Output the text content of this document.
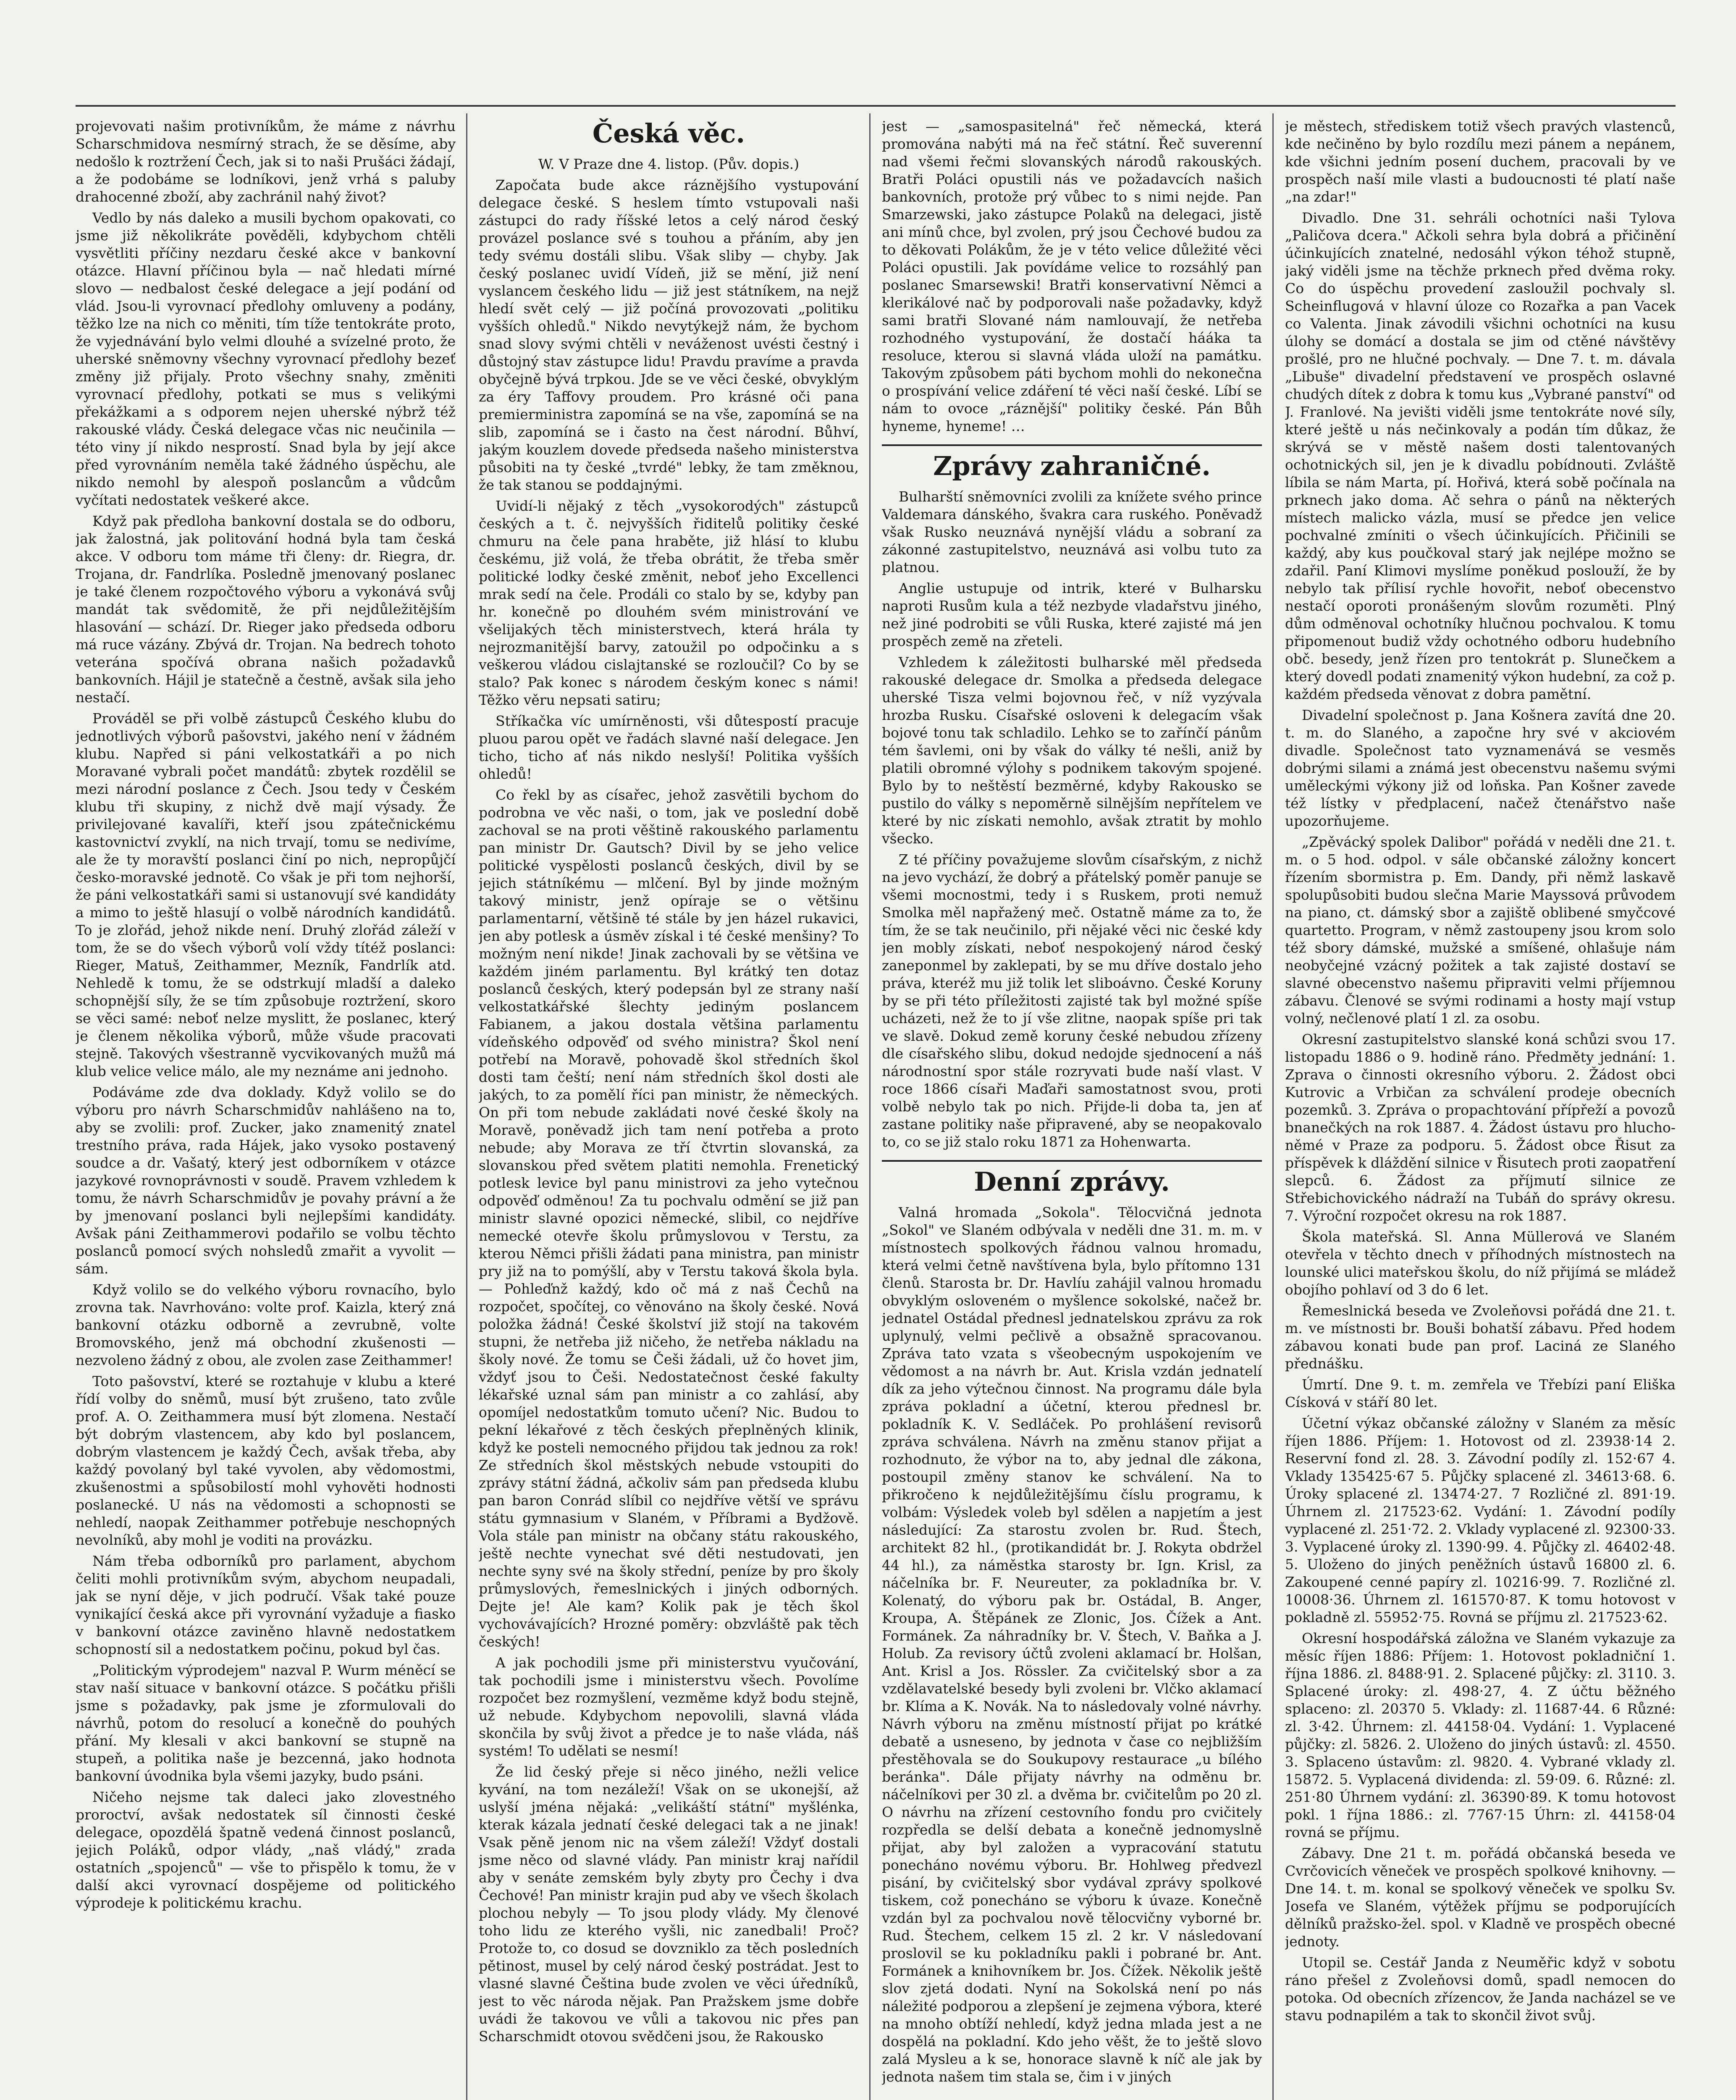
projevovati našim protivníkům, že máme z návrhu Scharschmidova nesmírný strach, že se děsíme, aby nedošlo k roztržení Čech, jak si to naši Prušáci žádají, a že podobáme se lodníkovi, jenž vrhá s paluby drahocenné zboží, aby zachránil nahý život?

Vedlo by nás daleko a musili bychom opakovati, co jsme již několikráte pověděli, kdybychom chtěli vysvětliti příčiny nezdaru české akce v bankovní otázce. Hlavní příčinou byla — nač hledati mírné slovo — nedbalost české delegace a její podání od vlád. Jsou-li vyrovnací předlohy omluveny a podány, těžko lze na nich co měniti, tím tíže tentokráte proto, že vyjednávání bylo velmi dlouhé a svízelné proto, že uherské sněmovny všechny vyrovnací předlohy bezeť změny již přijaly. Proto všechny snahy, změniti vyrovnací předlohy, potkati se mus s velikými překážkami a s odporem nejen uherské nýbrž též rakouské vlády. Česká delegace včas nic neučinila — této viny jí nikdo nesprostí. Snad byla by její akce před vyrovnáním neměla také žádného úspěchu, ale nikdo nemohl by alespoň poslancům a vůdcům vyčítati nedostatek veškeré akce.

Když pak předloha bankovní dostala se do odboru, jak žalostná, jak politování hodná byla tam česká akce. V odboru tom máme tři členy: dr. Riegra, dr. Trojana, dr. Fandrlíka. Posledně jmenovaný poslanec je také členem rozpočtového výboru a vykonává svůj mandát tak svědomitě, že při nejdůležitějším hlasování — schází. Dr. Rieger jako předseda odboru má ruce vázány. Zbývá dr. Trojan. Na bedrech tohoto veterána spočívá obrana našich požadavků bankovních. Hájil je statečně a čestně, avšak sila jeho nestačí.

Prováděl se při volbě zástupců Českého klubu do jednotlivých výborů pašovstvi, jakého není v žádném klubu. Napřed si páni velkostatkáři a po nich Moravané vybrali počet mandátů: zbytek rozdělil se mezi národní poslance z Čech. Jsou tedy v Českém klubu tři skupiny, z nichž dvě mají výsady. Že privilejované kavalíři, kteří jsou zpátečnickému kastovnictví zvyklí, na nich trvají, tomu se nedivíme, ale že ty moravští poslanci činí po nich, nepropůjčí česko-moravské jednotě. Co však je při tom nejhorší, že páni velkostatkáři sami si ustanovují své kandidáty a mimo to ještě hlasují o volbě národních kandidátů. To je zlořád, jehož nikde není. Druhý zlořád záleží v tom, že se do všech výborů volí vždy títéž poslanci: Rieger, Matuš, Zeithammer, Mezník, Fandrlík atd. Nehledě k tomu, že se odstrkují mladší a daleko schopnější síly, že se tím způsobuje roztržení, skoro se věci samé: neboť nelze myslitt, že poslanec, který je členem několika výborů, může všude pracovati stejně. Takových všestranně vycvikovaných mužů má klub velice velice málo, ale my neznáme ani jednoho.

Podáváme zde dva doklady. Když volilo se do výboru pro návrh Scharschmidův nahlášeno na to, aby se zvolili: prof. Zucker, jako znamenitý znatel trestního práva, rada Hájek, jako vysoko postavený soudce a dr. Vašatý, který jest odborníkem v otázce jazykové rovnoprávnosti v soudě. Pravem vzhledem k tomu, že návrh Scharschmidův je povahy právní a že by jmenovaní poslanci byli nejlepšími kandidáty. Avšak páni Zeithammerovi podařilo se volbu těchto poslanců pomocí svých nohsledů zmařit a vyvolit — sám.

Když volilo se do velkého výboru rovnacího, bylo zrovna tak. Navrhováno: volte prof. Kaizla, který zná bankovní otázku odborně a zevrubně, volte Bromovského, jenž má obchodní zkušenosti — nezvoleno žádný z obou, ale zvolen zase Zeithammer!

Toto pašovství, které se roztahuje v klubu a které řídí volby do sněmů, musí být zrušeno, tato zvůle prof. A. O. Zeithammera musí být zlomena. Nestačí být dobrým vlastencem, aby kdo byl poslancem, dobrým vlastencem je každý Čech, avšak třeba, aby každý povolaný byl také vyvolen, aby vědomostmi, zkušenostmi a spůsobilostí mohl vyhověti hodnosti poslanecké. U nás na vědomosti a schopnosti se nehledí, naopak Zeithammer potřebuje neschopných nevolníků, aby mohl je voditi na provázku.

Nám třeba odborníků pro parlament, abychom čeliti mohli protivníkům svým, abychom neupadali, jak se nyní děje, v jich područí. Však také pouze vynikající česká akce při vyrovnání vyžaduje a fiasko v bankovní otázce zaviněno hlavně nedostatkem schopností sil a nedostatkem počinu, pokud byl čas.

„Politickým výprodejem" nazval P. Wurm méněcí se stav naší situace v bankovní otázce. S počátku přišli jsme s požadavky, pak jsme je zformulovali do návrhů, potom do resolucí a konečně do pouhých přání. My klesali v akci bankovní se stupně na stupeň, a politika naše je bezcenná, jako hodnota bankovní úvodnika byla všemi jazyky, budo psáni.

Ničeho nejsme tak daleci jako zlovestného proroctví, avšak nedostatek síl činnosti české delegace, opozdělá špatně vedená činnost poslanců, jejich Poláků, odpor vlády, „naš vládý," zrada ostatních „spojenců" — vše to přispělo k tomu, že v další akci vyrovnací dospějeme od politického výprodeje k politickému krachu.

Česká věc.

W. V Praze dne 4. listop. (Pův. dopis.)

Započata bude akce ráznějšího vystupování delegace české. S heslem tímto vstupovali naši zástupci do rady říšské letos a celý národ český provázel poslance své s touhou a přáním, aby jen tedy svému dostáli slibu. Však sliby — chyby. Jak český poslanec uvidí Vídeň, již se mění, již není vyslancem českého lidu — již jest státníkem, na nejž hledí svět celý — již počíná provozovati „politiku vyšších ohledů." Nikdo nevytýkejž nám, že bychom snad slovy svými chtěli v neváženost uvésti čestný i důstojný stav zástupce lidu! Pravdu pravíme a pravda obyčejně bývá trpkou. Jde se ve věci české, obvyklým za éry Taffovy proudem. Pro krásné oči pana premierministra zapomíná se na vše, zapomíná se na slib, zapomíná se i často na čest národní. Bůhví, jakým kouzlem dovede předseda našeho ministerstva působiti na ty české „tvrdé" lebky, že tam změknou, že tak stanou se poddajnými.

Uvidí-li nějaký z těch „vysokorodých" zástupců českých a t. č. nejvyšších řiditelů politiky české chmuru na čele pana hraběte, již hlásí to klubu českému, již volá, že třeba obrátit, že třeba směr politické lodky české změnit, neboť jeho Excellenci mrak sedí na čele. Prodáli co stalo by se, kdyby pan hr. konečně po dlouhém svém ministrování ve všelijakých těch ministerstvech, která hrála ty nejrozmanitější barvy, zatoužil po odpočinku a s veškerou vládou cislajtanské se rozloučil? Co by se stalo? Pak konec s národem českým konec s námi! Těžko věru nepsati satiru;

Stříkačka víc umírněnosti, vši důtespostí pracuje pluou parou opět ve řadách slavné naší delegace. Jen ticho, ticho ať nás nikdo neslyší! Politika vyšších ohledů!

Co řekl by as císařec, jehož zasvětili bychom do podrobna ve věc naši, o tom, jak ve poslední době zachoval se na proti věštině rakouského parlamentu pan ministr Dr. Gautsch? Divil by se jeho velice politické vyspělosti poslanců českých, divil by se jejich státníkému — mlčení. Byl by jinde možným takový ministr, jenž opíraje se o většinu parlamentarní, většině té stále by jen házel rukavici, jen aby potlesk a úsměv získal i té české menšiny? To možným není nikde! Jinak zachovali by se většina ve každém jiném parlamentu. Byl krátký ten dotaz poslanců českých, který podepsán byl ze strany naší velkostatkářské šlechty jediným poslancem Fabianem, a jakou dostala většina parlamentu vídeňského odpověď od svého ministra? Škol není potřebí na Moravě, pohovadě škol středních škol dosti tam čeští; není nám středních škol dosti ale jakých, to za pomělí říci pan ministr, že německých. On při tom nebude zakládati nové české školy na Moravě, poněvadž jich tam není potřeba a proto nebude; aby Morava ze tří čtvrtin slovanská, za slovanskou před světem platiti nemohla. Frenetický potlesk levice byl panu ministrovi za jeho vytečnou odpověď odměnou! Za tu pochvalu odmění se již pan ministr slavné opozici německé, slibil, co nejdříve nemecké otevře školu průmyslovou v Terstu, za kterou Němci přišli žádati pana ministra, pan ministr pry již na to pomýšlí, aby v Terstu taková škola byla. — Pohleďnž každý, kdo oč má z naš Čechů na rozpočet, spočítej, co věnováno na školy české. Nová položka žádná! České školství již stojí na takovém stupni, že netřeba již ničeho, že netřeba nákladu na školy nové. Že tomu se Češi žádali, už čo hovet jim, vždyť jsou to Češi. Nedostatečnost české fakulty lékařské uznal sám pan ministr a co zahlásí, aby opomíjel nedostatkům tomuto učení? Nic. Budou to pekní lékařové z těch českých přeplněných klinik, když ke posteli nemocného přijdou tak jednou za rok! Ze středních škol městských nebude vstoupiti do zprávy státní žádná, ačkoliv sám pan předseda klubu pan baron Conrád slíbil co nejdříve větší ve správu státu gymnasium v Slaném, v Příbrami a Bydžově. Vola stále pan ministr na občany státu rakouského, ještě nechte vynechat své děti nestudovati, jen nechte syny své na školy střední, peníze by pro školy průmyslových, řemeslnických i jiných odborných. Dejte je! Ale kam? Kolik pak je těch škol vychovávajících? Hrozné poměry: obzvláště pak těch českých!

A jak pochodili jsme při ministerstvu vyučování, tak pochodili jsme i ministerstvu všech. Povolíme rozpočet bez rozmyšlení, vezměme když bodu stejně, už nebude. Kdybychom nepovolili, slavná vláda skončila by svůj život a předce je to naše vláda, náš systém! To udělati se nesmí!

Že lid český přeje si něco jiného, nežli velice kyvání, na tom nezáleží! Však on se ukonejší, až uslyší jména nějaká: „velikáští státní" myšlénka, kterak kázala jednatí české delegaci tak a ne jinak! Vsak pěně jenom nic na všem záleží! Vždyť dostali jsme něco od slavné vlády. Pan ministr kraj nařídil aby v senáte zemském byly zbyty pro Čechy i dva Čechové! Pan ministr krajin pud aby ve všech školach plochou nebyly — To jsou plody vlády. My členové toho lidu ze kterého vyšli, nic zanedbali! Proč? Protože to, co dosud se dovzniklo za těch posledních pětinost, musel by celý národ český postrádat. Jest to vlasné slavné Čeština bude zvolen ve věci úředníků, jest to věc národa nějak. Pan Pražskem jsme dobře uvádi že takovou ve vůli a takovou nic přes pan Scharschmidt otovou svědčeni jsou, že Rakousko

jest — „samospasitelná" řeč německá, která promována nabýti má na řeč státní. Řeč suverenní nad všemi řečmi slovanských národů rakouských. Bratři Poláci opustili nás ve požadavcích našich bankovních, protože prý vůbec to s nimi nejde. Pan Smarzewski, jako zástupce Polaků na delegaci, jistě ani mínů chce, byl zvolen, prý jsou Čechové budou za to děkovati Polákům, že je v této velice důležité věci Poláci opustili. Jak povídáme velice to rozsáhlý pan poslanec Smarsewski! Bratři konservativní Němci a klerikálové nač by podporovali naše požadavky, když sami bratři Slované nám namlouvají, že netřeba rozhodného vystupování, že dostačí hááka ta resoluce, kterou si slavná vláda uloží na památku. Takovým způsobem páti bychom mohli do nekonečna o prospívání velice zdáření té věci naší české. Líbí se nám to ovoce „ráznější" politiky české. Pán Bůh hyneme, hyneme! …

Zprávy zahraničné.

Bulharští sněmovníci zvolili za knížete svého prince Valdemara dánského, švakra cara ruského. Poněvadž však Rusko neuznává nynější vládu a sobraní za zákonné zastupitelstvo, neuznává asi volbu tuto za platnou.

Anglie ustupuje od intrik, které v Bulharsku naproti Rusům kula a též nezbyde vladařstvu jiného, než jiné podrobiti se vůli Ruska, které zajisté má jen prospěch země na zřeteli.

Vzhledem k záležitosti bulharské měl předseda rakouské delegace dr. Smolka a předseda delegace uherské Tisza velmi bojovnou řeč, v níž vyzývala hrozba Rusku. Císařské osloveni k delegacím však bojové tonu tak schladilo. Lehko se to zařínčí pánům tém šavlemi, oni by však do války té nešli, aniž by platili obromné výlohy s podnikem takovým spojené. Bylo by to neštěstí bezměrné, kdyby Rakousko se pustilo do války s nepoměrně silnějším nepřítelem ve které by nic získati nemohlo, avšak ztratit by mohlo všecko.

Z té příčiny považujeme slovům císařským, z nichž na jevo vychází, že dobrý a přátelský poměr panuje se všemi mocnostmi, tedy i s Ruskem, proti nemuž Smolka měl napřažený meč. Ostatně máme za to, že tím, že se tak neučinilo, při nějaké věci nic české kdy jen mobly získati, neboť nespokojený národ český zaneponmel by zaklepati, by se mu dříve dostalo jeho práva, kteréž mu již tolik let sliboávno. České Koruny by se při této příležitosti zajisté tak byl možné spíše ucházeti, než že to jí vše zlitne, naopak spíše pri tak ve slavě. Dokud země koruny české nebudou zřízeny dle císařského slibu, dokud nedojde sjednocení a náš národnostní spor stále rozryvati bude naší vlast. V roce 1866 císaři Maďaři samostatnost svou, proti volbě nebylo tak po nich. Přijde-li doba ta, jen ať zastane politiky naše připravené, aby se neopakovalo to, co se již stalo roku 1871 za Hohenwarta.

Denní zprávy.

Valná hromada „Sokola". Tělocvičná jednota „Sokol" ve Slaném odbývala v neděli dne 31. m. m. v místnostech spolkových řádnou valnou hromadu, která velmi četně navštívena byla, bylo přítomno 131 členů. Starosta br. Dr. Havlíu zahájil valnou hromadu obvyklým osloveném o myšlence sokolské, načež br. jednatel Ostádal přednesl jednatelskou zprávu za rok uplynulý, velmi pečlivě a obsažně spracovanou. Zpráva tato vzata s všeobecným uspokojením ve vědomost a na návrh br. Aut. Krisla vzdán jednatelí dík za jeho výtečnou činnost. Na programu dále byla zpráva pokladní a účetní, kterou přednesl br. pokladník K. V. Sedláček. Po prohlášení revisorů zpráva schválena. Návrh na změnu stanov přijat a rozhodnuto, že výbor na to, aby jednal dle zákona, postoupil změny stanov ke schválení. Na to přikročeno k nejdůležitějšímu číslu programu, k volbám: Výsledek voleb byl sdělen a napjetím a jest následující: Za starostu zvolen br. Rud. Štech, architekt 82 hl., (protikandidát br. J. Rokyta obdržel 44 hl.), za náměstka starosty br. Ign. Krisl, za náčelníka br. F. Neureuter, za pokladníka br. V. Kolenatý, do výboru pak br. Ostádal, B. Anger, Kroupa, A. Štěpánek ze Zlonic, Jos. Čížek a Ant. Formánek. Za náhradníky br. V. Štech, V. Baňka a J. Holub. Za revisory účtů zvoleni aklamací br. Holšan, Ant. Krisl a Jos. Rössler. Za cvičitelský sbor a za vzdělavatelské besedy byli zvoleni br. Vlčko aklamací br. Klíma a K. Novák. Na to následovaly volné návrhy. Návrh výboru na změnu místností přijat po krátké debatě a usneseno, by jednota v čase co nejbližším přestěhovala se do Soukupovy restaurace „u bílého beránka". Dále přijaty návrhy na odměnu br. náčelníkovi per 30 zl. a dvěma br. cvičitelům po 20 zl. O návrhu na zřízení cestovního fondu pro cvičitely rozpředla se delší debata a konečně jednomyslně přijat, aby byl založen a vypracování statutu ponecháno novému výboru. Br. Hohlweg předvezl pisání, by cvičitelský sbor vydával zprávy spolkové tiskem, což ponecháno se výboru k úvaze. Konečně vzdán byl za pochvalou nově tělocvičny vyborné br. Rud. Štechem, celkem 15 zl. 2 kr. V následovaní proslovil se ku pokladníku pakli i pobrané br. Ant. Formánek a knihovníkem br. Jos. Čížek. Několik ještě slov zjetá dodati. Nyní na Sokolská není po nás náležité podporou a zlepšení je zejmena výbora, které na mnoho obtíží nehledí, když jedna mlada jest a ne dospělá na pokladní. Kdo jeho věšt, že to ještě slovo zalá Mysleu a k se, honorace slavně k níč ale jak by jednota našem tim stala se, čim i v jiných

je městech, střediskem totiž všech pravých vlastenců, kde nečiněno by bylo rozdílu mezi pánem a nepánem, kde všichni jedním posení duchem, pracovali by ve prospěch naší mile vlasti a budoucnosti té platí naše „na zdar!"

Divadlo. Dne 31. sehráli ochotníci naši Tylova „Paličova dcera." Ačkoli sehra byla dobrá a přičinění účinkujících znatelné, nedosáhl výkon téhož stupně, jaký viděli jsme na těchže prknech před dvěma roky. Co do úspěchu provedení zasloužil pochvaly sl. Scheinflugová v hlavní úloze co Rozařka a pan Vacek co Valenta. Jinak závodili všichni ochotníci na kusu úlohy se domácí a dostala se jim od ctěné návštěvy prošlé, pro ne hlučné pochvaly. — Dne 7. t. m. dávala „Libuše" divadelní představení ve prospěch oslavné chudých dítek z dobra k tomu kus „Vybrané panství" od J. Franlové. Na jevišti viděli jsme tentokráte nové síly, které ještě u nás nečinkovaly a podán tím důkaz, že skrývá se v městě našem dosti talentovaných ochotnických sil, jen je k divadlu pobídnouti. Zvláště líbila se nám Marta, pí. Hořivá, která sobě počínala na prknech jako doma. Ač sehra o pánů na některých místech malicko vázla, musí se předce jen velice pochvalné zmíniti o všech účinkujících. Přičinili se každý, aby kus poučkoval starý jak nejlépe možno se zdařil. Paní Klimovi myslíme poněkud poslouží, že by nebylo tak přílisí rychle hovořit, neboť obecenstvo nestačí oporoti pronášeným slovům rozuměti. Plný dům odměnoval ochotníky hlučnou pochvalou. K tomu připomenout budiž vždy ochotného odboru hudebního obč. besedy, jenž řízen pro tentokrát p. Slunečkem a který dovedl podati znamenitý výkon hudební, za což p. každém předseda věnovat z dobra pamětní.

Divadelní společnost p. Jana Košnera zavítá dne 20. t. m. do Slaného, a započne hry své v akciovém divadle. Společnost tato vyznamenává se vesměs dobrými silami a známá jest obecenstvu našemu svými uměleckými výkony již od loňska. Pan Košner zavede též lístky v předplacení, načež čtenářstvo naše upozorňujeme.

„Zpěvácký spolek Dalibor" pořádá v neděli dne 21. t. m. o 5 hod. odpol. v sále občanské záložny koncert řízením sbormistra p. Em. Dandy, při němž laskavě spolupůsobiti budou slečna Marie Mayssová průvodem na piano, ct. dámský sbor a zajiště oblibené smyčcové quartetto. Program, v němž zastoupeny jsou krom solo též sbory dámské, mužské a smíšené, ohlašuje nám neobyčejné vzácný požitek a tak zajisté dostaví se slavné obecenstvo našemu připraviti velmi příjemnou zábavu. Členové se svými rodinami a hosty mají vstup volný, nečlenové platí 1 zl. za osobu.

Okresní zastupitelstvo slanské koná schůzi svou 17. listopadu 1886 o 9. hodině ráno. Předměty jednání: 1. Zprava o činnosti okresního výboru. 2. Žádost obci Kutrovic a Vrbičan za schválení prodeje obecních pozemků. 3. Zpráva o propachtování přípřeží a povozů bnanečkých na rok 1887. 4. Žádost ústavu pro hlucho-němé v Praze za podporu. 5. Žádost obce Řisut za příspěvek k dláždění silnice v Řisutech proti zaopatření slepců. 6. Žádost za příjmutí silnice ze Střebichovického nádraží na Tubáň do správy okresu. 7. Výroční rozpočet okresu na rok 1887.

Škola mateřská. Sl. Anna Müllerová ve Slaném otevřela v těchto dnech v příhodných místnostech na lounské ulici mateřskou školu, do níž přijímá se mládež obojího pohlaví od 3 do 6 let.

Řemeslnická beseda ve Zvoleňovsi pořádá dne 21. t. m. ve místnosti br. Bouši bohatší zábavu. Před hodem zábavou konati bude pan prof. Laciná ze Slaného přednášku.

Úmrtí. Dne 9. t. m. zemřela ve Třebízi paní Eliška Císková v stáří 80 let.

Účetní výkaz občanské záložny v Slaném za měsíc říjen 1886. Příjem: 1. Hotovost od zl. 23938·14 2. Reservní fond zl. 28. 3. Závodní podíly zl. 152·67 4. Vklady 135425·67 5. Půjčky splacené zl. 34613·68. 6. Úroky splacené zl. 13474·27. 7 Rozličné zl. 891·19. Úhrnem zl. 217523·62. Vydání: 1. Závodní podíly vyplacené zl. 251·72. 2. Vklady vyplacené zl. 92300·33. 3. Vyplacené úroky zl. 1390·99. 4. Půjčky zl. 46402·48. 5. Uloženo do jiných peněžních ústavů 16800 zl. 6. Zakoupené cenné papíry zl. 10216·99. 7. Rozličné zl. 10008·36. Úhrnem zl. 161570·87. K tomu hotovost v pokladně zl. 55952·75. Rovná se příjmu zl. 217523·62.

Okresní hospodářská záložna ve Slaném vykazuje za měsíc říjen 1886: Příjem: 1. Hotovost pokladniční 1. října 1886. zl. 8488·91. 2. Splacené půjčky: zl. 3110. 3. Splacené úroky: zl. 498·27, 4. Z účtu běžného splaceno: zl. 20370 5. Vklady: zl. 11687·44. 6 Různé: zl. 3·42. Úhrnem: zl. 44158·04. Vydání: 1. Vyplacené půjčky: zl. 5826. 2. Uloženo do jiných ústavů: zl. 4550. 3. Splaceno ústavům: zl. 9820. 4. Vybrané vklady zl. 15872. 5. Vyplacená dividenda: zl. 59·09. 6. Různé: zl. 251·80 Úhrnem vydání: zl. 36390·89. K tomu hotovost pokl. 1 října 1886.: zl. 7767·15 Úhrn: zl. 44158·04 rovná se příjmu.

Zábavy. Dne 21 t. m. pořádá občanská beseda ve Cvrčovicích věneček ve prospěch spolkové knihovny. — Dne 14. t. m. konal se spolkový věneček ve spolku Sv. Josefa ve Slaném, výtěžek příjmu se podporujících dělníků pražsko-žel. spol. v Kladně ve prospěch obecné jednoty.

Utopil se. Cestář Janda z Neuměřic když v sobotu ráno přešel z Zvoleňovsi domů, spadl nemocen do potoka. Od obecních zřízencov, že Janda nacházel se ve stavu podnapilém a tak to skončil život svůj.
